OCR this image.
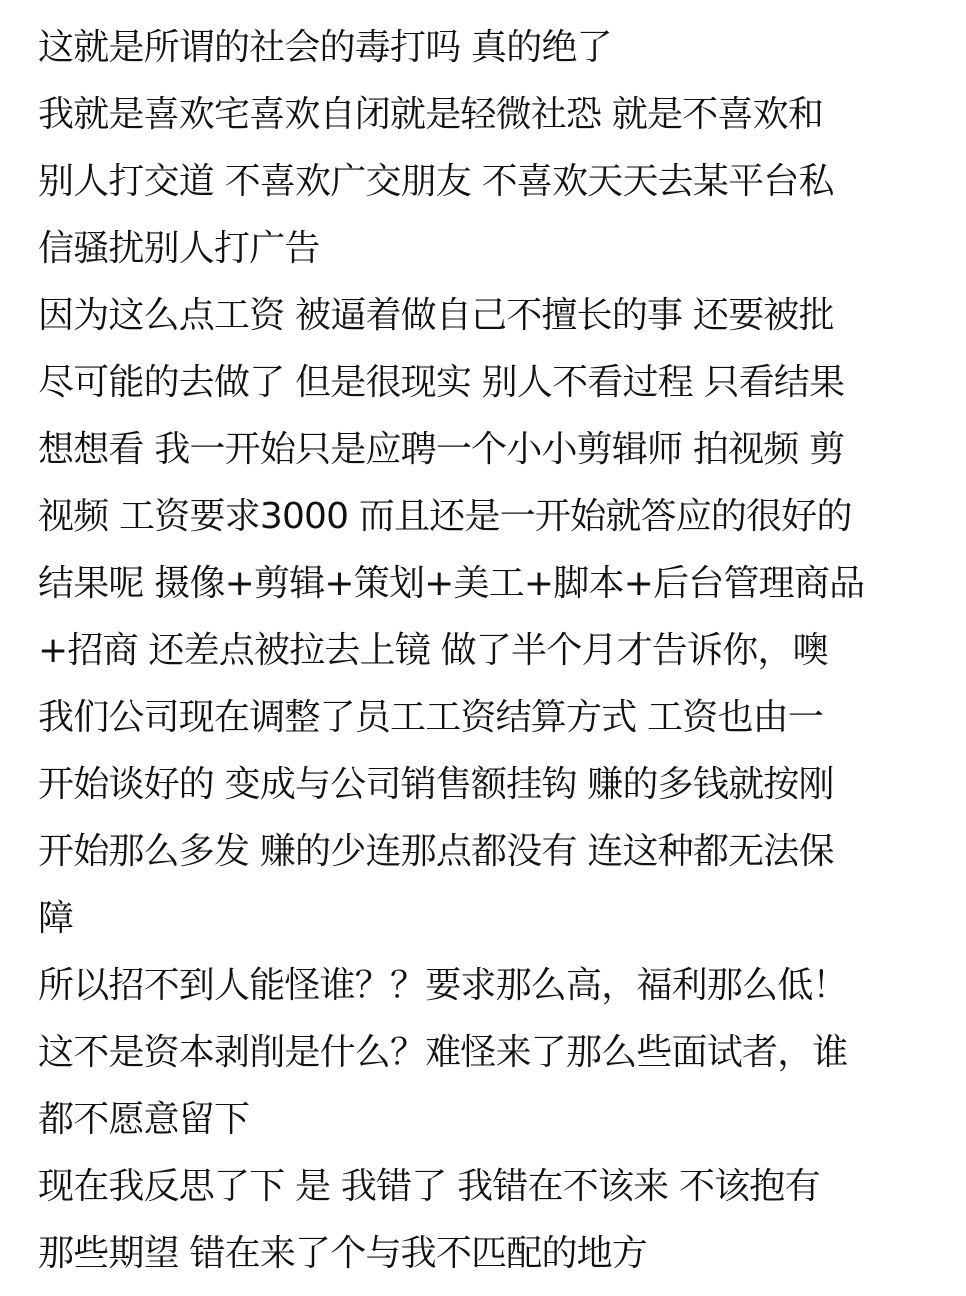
这就是所谓的社会的毒打吗 真的绝了
我就是喜欢宅喜欢自闭就是轻微社恐 就是不喜欢和
别人打交道 不喜欢广交朋友 不喜欢天天去某平台私
信骚扰别人打广告
因为这么点工资 被逼着做自己不擅长的事 还要被批
尽可能的去做了 但是很现实 别人不看过程 只看结果
想想看 我一开始只是应聘一个小小剪辑师 拍视频 剪
视频 工资要求3000 而且还是一开始就答应的很好的
结果呢 摄像+剪辑+策划+美工+脚本+后台管理商品
+招商 还差点被拉去上镜 做了半个月才告诉你，噢
我们公司现在调整了员工工资结算方式 工资也由一
开始谈好的 变成与公司销售额挂钩 赚的多钱就按刚
开始那么多发 赚的少连那点都没有 连这种都无法保
障
所以招不到人能怪谁？？要求那么高，福利那么低！
这不是资本剥削是什么？难怪来了那么些面试者，谁
都不愿意留下
现在我反思了下 是 我错了 我错在不该来 不该抱有
那些期望 错在来了个与我不匹配的地方
